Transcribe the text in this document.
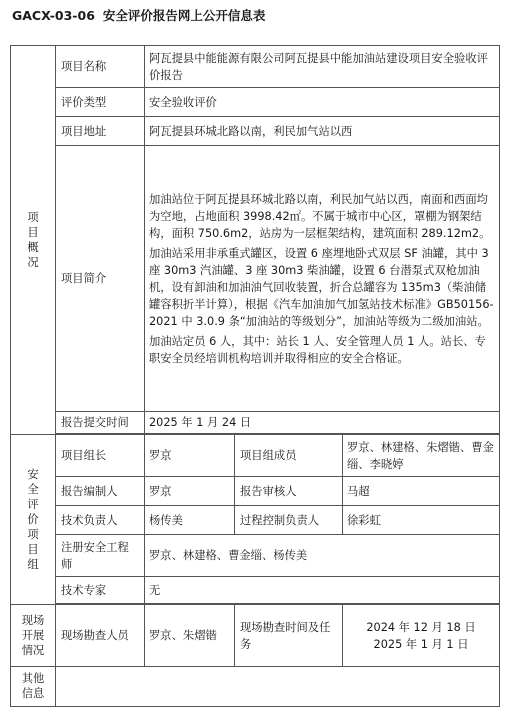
GACX-03-06 安全评价报告网上公开信息表
项目概况	项目名称	阿瓦提县中能能源有限公司阿瓦提县中能加油站建设项目安全验收评价报告		
	评价类型	安全验收评价		
	项目地址	阿瓦提县环城北路以南，利民加气站以西		
	项目简介	加油站位于阿瓦提县环城北路以南，利民加气站以西，南面和西面均为空地，占地面积 3998.42㎡。不属于城市中心区，罩棚为钢架结构，面积 750.6m2，站房为一层框架结构，建筑面积 289.12m2。

加油站采用非承重式罐区，设置 6 座埋地卧式双层 SF 油罐，其中 3 座 30m3 汽油罐、3 座 30m3 柴油罐，设置 6 台潜泵式双枪加油机，设有卸油和加油油气回收装置，折合总罐容为 135m3（柴油储罐容积折半计算），根据《汽车加油加气加氢站技术标准》GB50156-2021 中 3.0.9 条“加油站的等级划分”，加油站等级为二级加油站。

加油站定员 6 人，其中：站长 1 人、安全管理人员 1 人。站长、专职安全员经培训机构培训并取得相应的安全合格证。		

	报告提交时间	2025 年 1 月 24 日		

安全评价项目组	项目组长	罗京	项目组成员	罗京、林建格、朱熠锴、曹金缁、李晓婷
	报告编制人	罗京	报告审核人	马超
	技术负责人	杨传美	过程控制负责人	徐彩虹
	注册安全工程师	罗京、林建格、曹金缁、杨传美		
	技术专家	无		

现场开展情况	现场勘查人员	罗京、朱熠锴	现场勘查时间及任务	2024 年 12 月 18 日
2025 年 1 月 1 日

其他信息				
